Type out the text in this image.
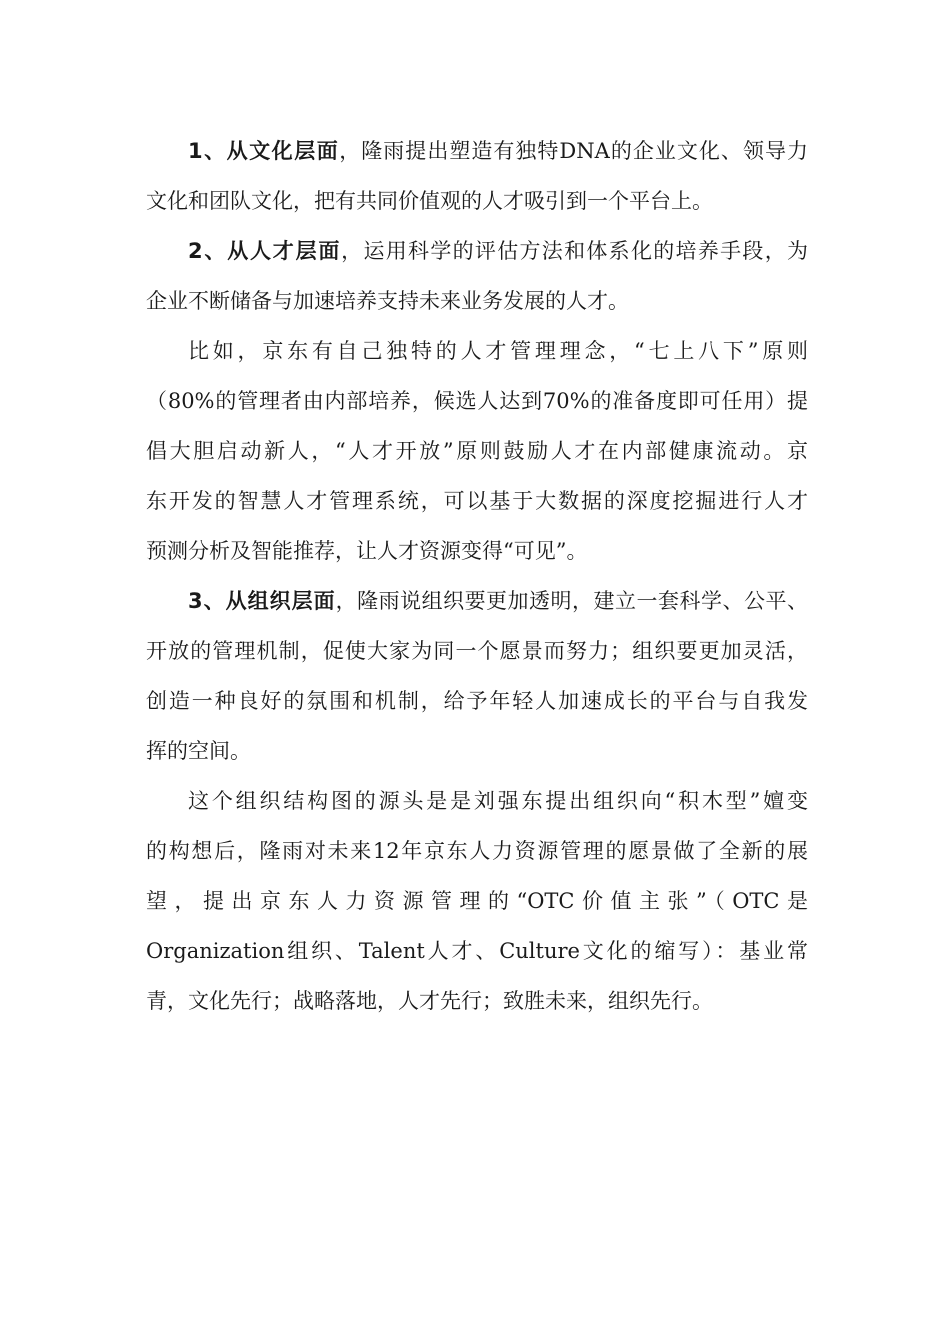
1、从文化层面，隆雨提出塑造有独特DNA的企业文化、领导力
文化和团队文化，把有共同价值观的人才吸引到一个平台上。
2、从人才层面，运用科学的评估方法和体系化的培养手段，为
企业不断储备与加速培养支持未来业务发展的人才。
比如，京东有自己独特的人才管理理念，“七上八下”原则
（80%的管理者由内部培养，候选人达到70%的准备度即可任用）提
倡大胆启动新人，“人才开放”原则鼓励人才在内部健康流动。京
东开发的智慧人才管理系统，可以基于大数据的深度挖掘进行人才
预测分析及智能推荐，让人才资源变得“可见”。
3、从组织层面，隆雨说组织要更加透明，建立一套科学、公平、
开放的管理机制，促使大家为同一个愿景而努力；组织要更加灵活，
创造一种良好的氛围和机制，给予年轻人加速成长的平台与自我发
挥的空间。
这个组织结构图的源头是是刘强东提出组织向“积木型”嬗变
的构想后，隆雨对未来12年京东人力资源管理的愿景做了全新的展
望，提出京东人力资源管理的“OTC价值主张”（OTC是
Organization组织、Talent人才、Culture文化的缩写）：基业常
青，文化先行；战略落地，人才先行；致胜未来，组织先行。
